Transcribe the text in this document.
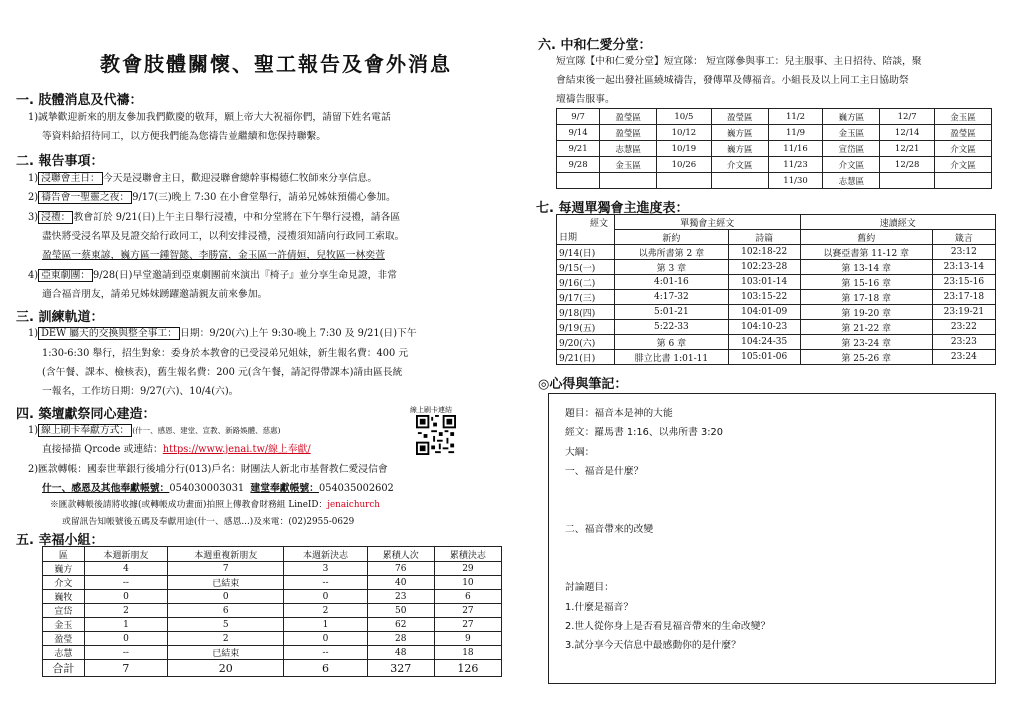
教會肢體關懷、聖工報告及會外消息
一. 肢體消息及代禱：
1)誠摯歡迎新來的朋友參加我們歡慶的敬拜，願上帝大大祝福你們，請留下姓名電話
等資料給招待同工，以方便我們能為您禱告並繼續和您保持聯繫。
二. 報告事項：
1) 浸聯會主日： 今天是浸聯會主日，歡迎浸聯會總幹事楊德仁牧師來分享信息。
2) 禱告會一聖靈之夜： 9/17(三)晚上 7:30 在小會堂舉行，請弟兄姊妹預備心參加。
3) 浸禮： 教會訂於 9/21(日)上午主日舉行浸禮，中和分堂將在下午舉行浸禮，請各區
盡快將受浸名單及見證交給行政同工，以利安排浸禮，浸禮須知請向行政同工索取。
盈瑩區一蔡東諺，巍方區一鍾智懿、李勝富，金玉區一許倩姮，兒牧區一林奕萱
4) 亞東劇團： 9/28(日)早堂邀請到亞東劇團前來演出『椅子』並分享生命見證，非常
適合福音朋友，請弟兄姊妹踴躍邀請親友前來參加。
三. 訓練軌道：
1) DEW 屬天的交換與整全事工： 日期：9/20(六)上午 9:30-晚上 7:30 及 9/21(日)下午
1:30-6:30 舉行，招生對象：委身於本教會的已受浸弟兄姐妹，新生報名費：400 元
(含午餐、課本、檢核表)，舊生報名費：200 元(含午餐，請記得帶課本)請由區長統
一報名，工作坊日期：9/27(六)、10/4(六)。
四. 築壇獻祭同心建造：	線上刷卡連結
1) 線上刷卡奉獻方式： (什一、感恩、建堂、宣教、新路娛體、慈惠)
直接掃描 Qrcode 或連結：https://www.jenai.tw/線上奉獻/
2)匯款轉帳：國泰世華銀行後埔分行(013)戶名：財團法人新北市基督教仁愛浸信會
什一、感恩及其他奉獻帳號：054030003031 建堂奉獻帳號：054035002602
※匯款轉帳後請將收據(或轉帳成功畫面)拍照上傳教會財務組 LineID：jenaichurch
或留訊告知帳號後五碼及奉獻用途(什一、感恩...)及來電：(02)2955-0629
五. 幸福小組：
區	本週新朋友	本週重複新朋友	本週新決志	累積人次	累積決志
巍方	4	7	3	76	29
介文	--	已結束	--	40	10
巍牧	0	0	0	23	6
宣岱	2	6	2	50	27
金玉	1	5	1	62	27
盈瑩	0	2	0	28	9
志慧	--	已結束	--	48	18
合計	7	20	6	327	126
六. 中和仁愛分堂：
短宣隊【中和仁愛分堂】短宣隊： 短宣隊參與事工：兒主服事、主日招待、陪談，聚
會結束後一起出發社區繞城禱告，發傳單及傳福音。小組長及以上同工主日協助祭
壇禱告服事。
9/7	盈瑩區	10/5	盈瑩區	11/2	巍方區	12/7	金玉區
9/14	盈瑩區	10/12	巍方區	11/9	金玉區	12/14	盈瑩區
9/21	志慧區	10/19	巍方區	11/16	宣岱區	12/21	介文區
9/28	金玉區	10/26	介文區	11/23	介文區	12/28	介文區
				11/30	志慧區		
七. 每週單獨會主進度表：
經文	單獨會主經文		速讀經文	
日期	新約	詩篇	舊約	箴言
9/14(日)	以弗所書第 2 章	102:18-22	以賽亞書第 11-12 章	23:12
9/15(一)	第 3 章	102:23-28	第 13-14 章	23:13-14
9/16(二)	4:01-16	103:01-14	第 15-16 章	23:15-16
9/17(三)	4:17-32	103:15-22	第 17-18 章	23:17-18
9/18(四)	5:01-21	104:01-09	第 19-20 章	23:19-21
9/19(五)	5:22-33	104:10-23	第 21-22 章	23:22
9/20(六)	第 6 章	104:24-35	第 23-24 章	23:23
9/21(日)	腓立比書 1:01-11	105:01-06	第 25-26 章	23:24
◎心得與筆記：
題目：福音本是神的大能
經文：羅馬書 1:16、以弗所書 3:20
大綱：
一、福音是什麼？
二、福音帶來的改變
討論題目：
1.什麼是福音？
2.世人從你身上是否看見福音帶來的生命改變？
3.試分享今天信息中最感動你的是什麼？
